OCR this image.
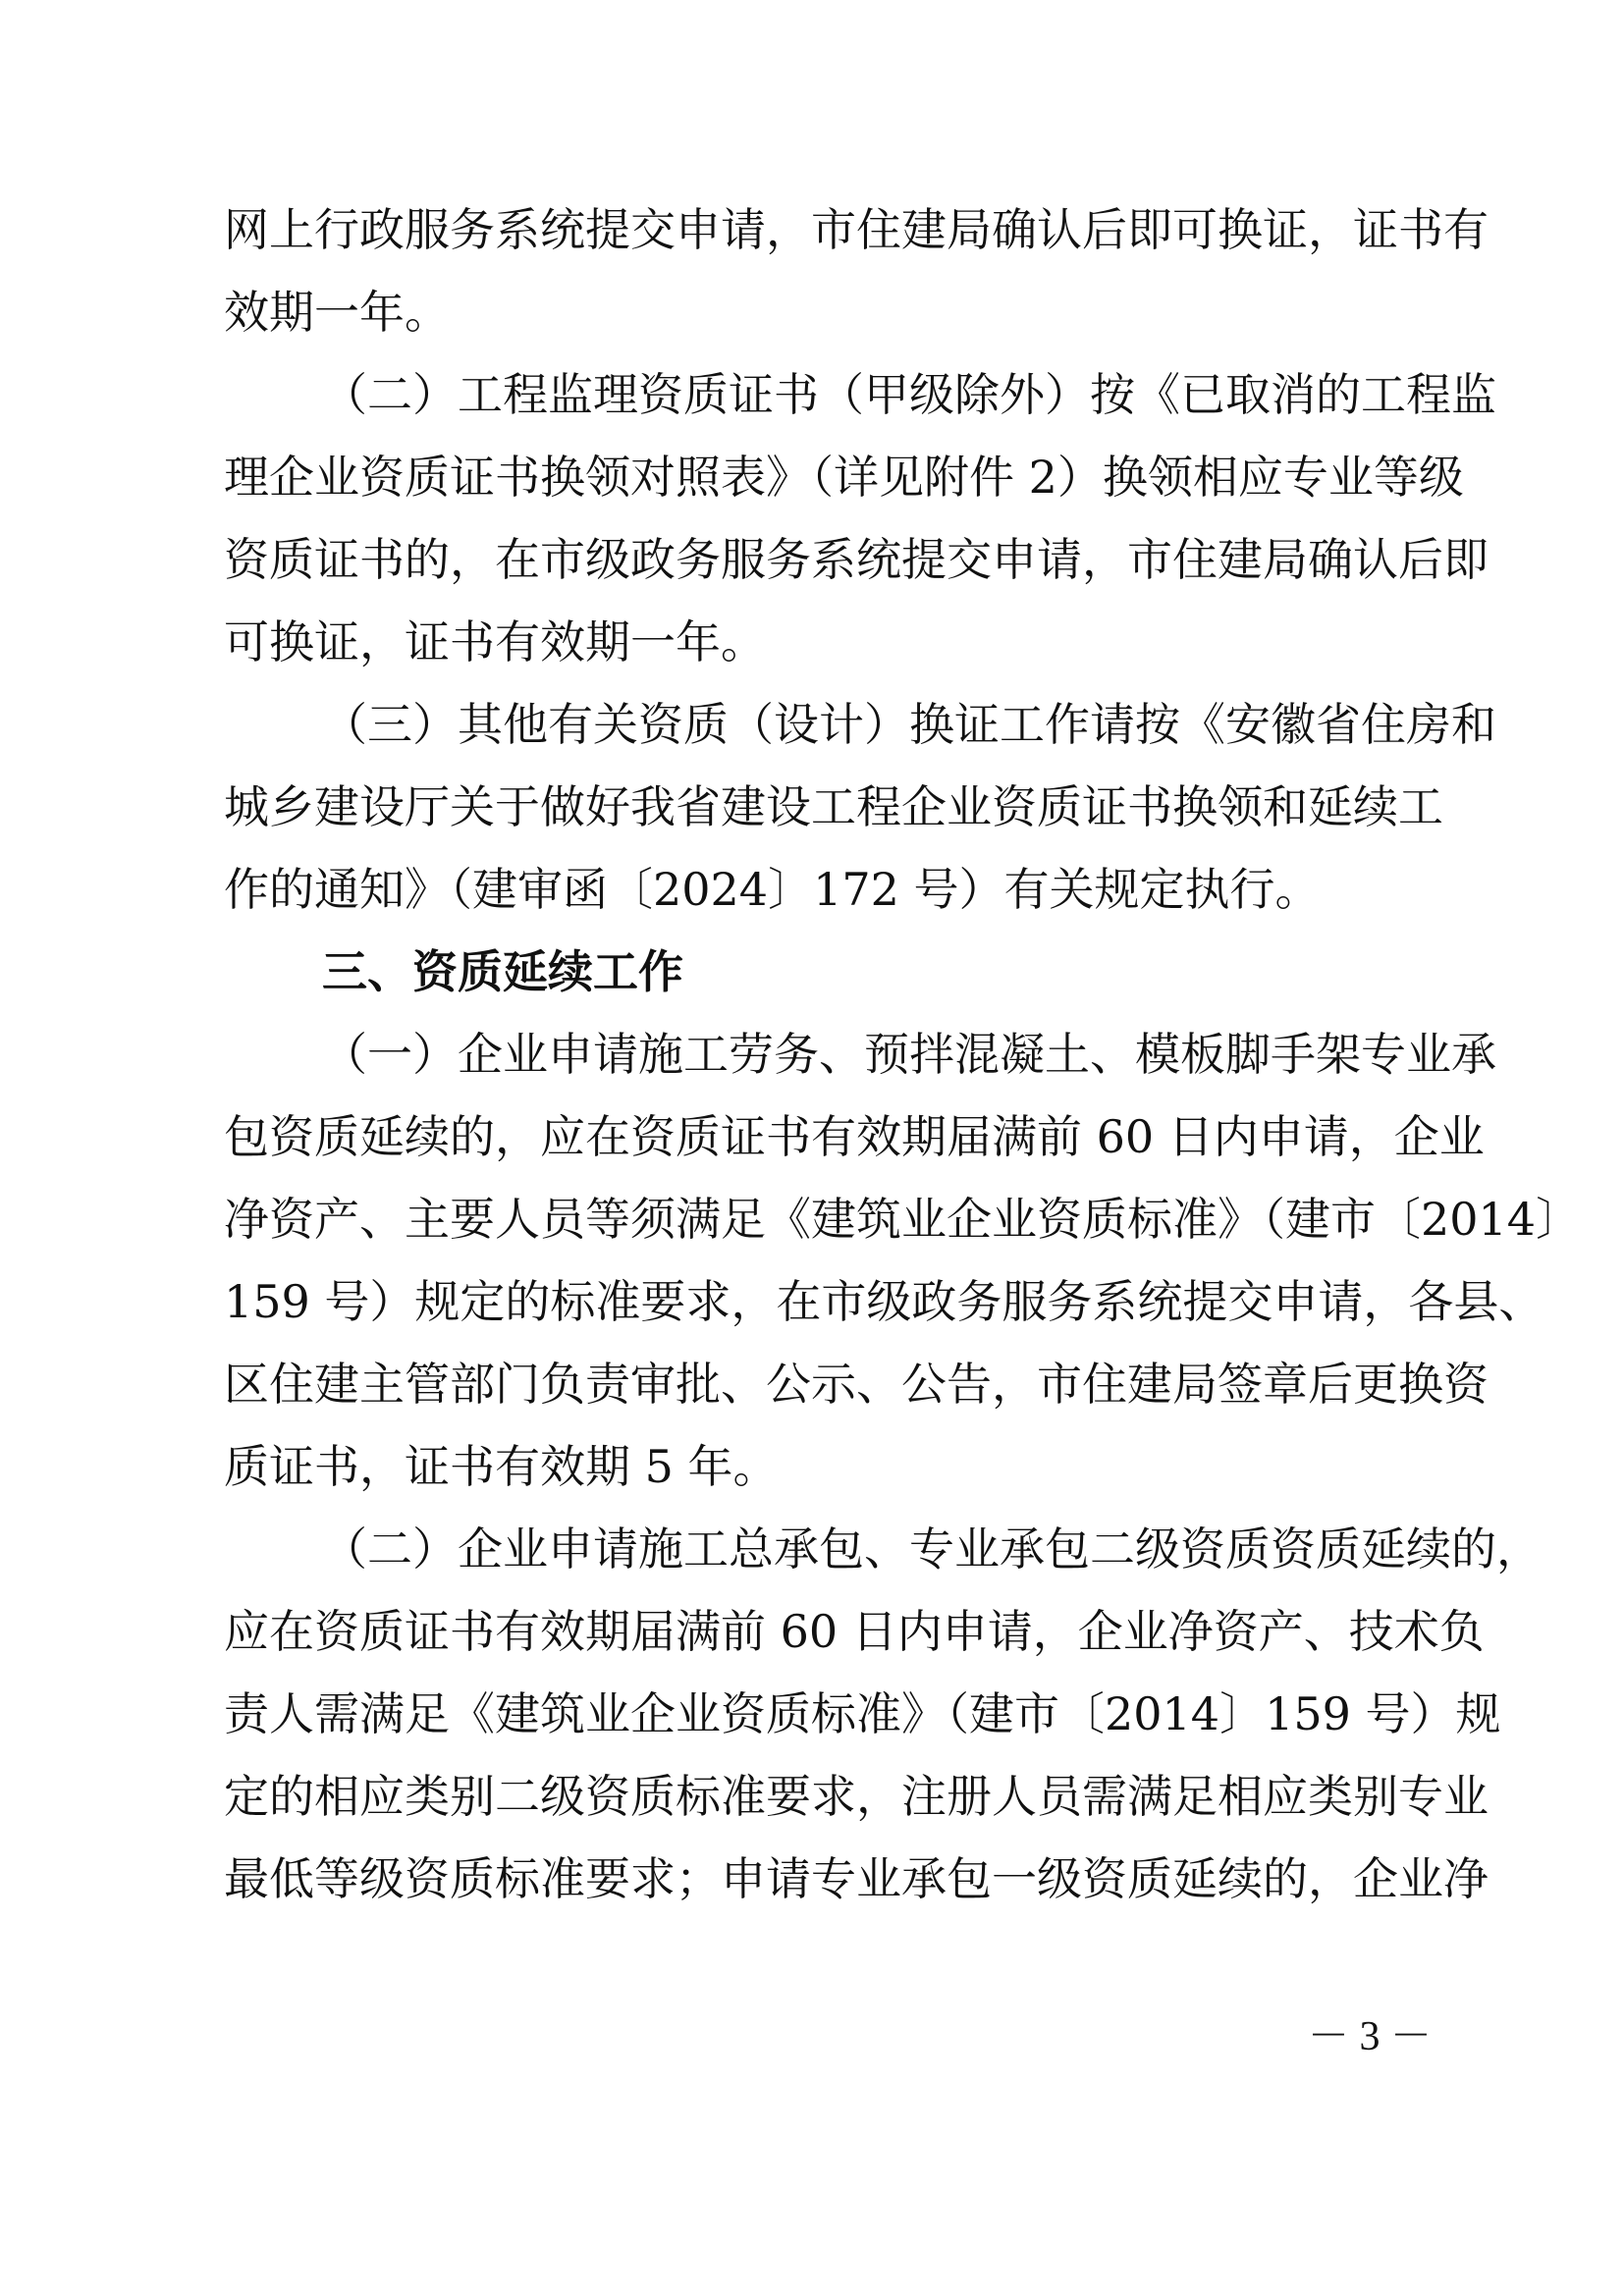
网上行政服务系统提交申请，市住建局确认后即可换证，证书有
效期一年。
（二）工程监理资质证书（甲级除外）按《已取消的工程监
理企业资质证书换领对照表》（详见附件 2）换领相应专业等级
资质证书的，在市级政务服务系统提交申请，市住建局确认后即
可换证，证书有效期一年。
（三）其他有关资质（设计）换证工作请按《安徽省住房和
城乡建设厅关于做好我省建设工程企业资质证书换领和延续工
作的通知》（建审函〔2024〕172 号）有关规定执行。
三、资质延续工作
（一）企业申请施工劳务、预拌混凝土、模板脚手架专业承
包资质延续的，应在资质证书有效期届满前 60 日内申请，企业
净资产、主要人员等须满足《建筑业企业资质标准》（建市〔2014〕
159 号）规定的标准要求，在市级政务服务系统提交申请，各县、
区住建主管部门负责审批、公示、公告，市住建局签章后更换资
质证书，证书有效期 5 年。
（二）企业申请施工总承包、专业承包二级资质资质延续的，
应在资质证书有效期届满前 60 日内申请，企业净资产、技术负
责人需满足《建筑业企业资质标准》（建市〔2014〕159 号）规
定的相应类别二级资质标准要求，注册人员需满足相应类别专业
最低等级资质标准要求；申请专业承包一级资质延续的，企业净
－ 3 －
